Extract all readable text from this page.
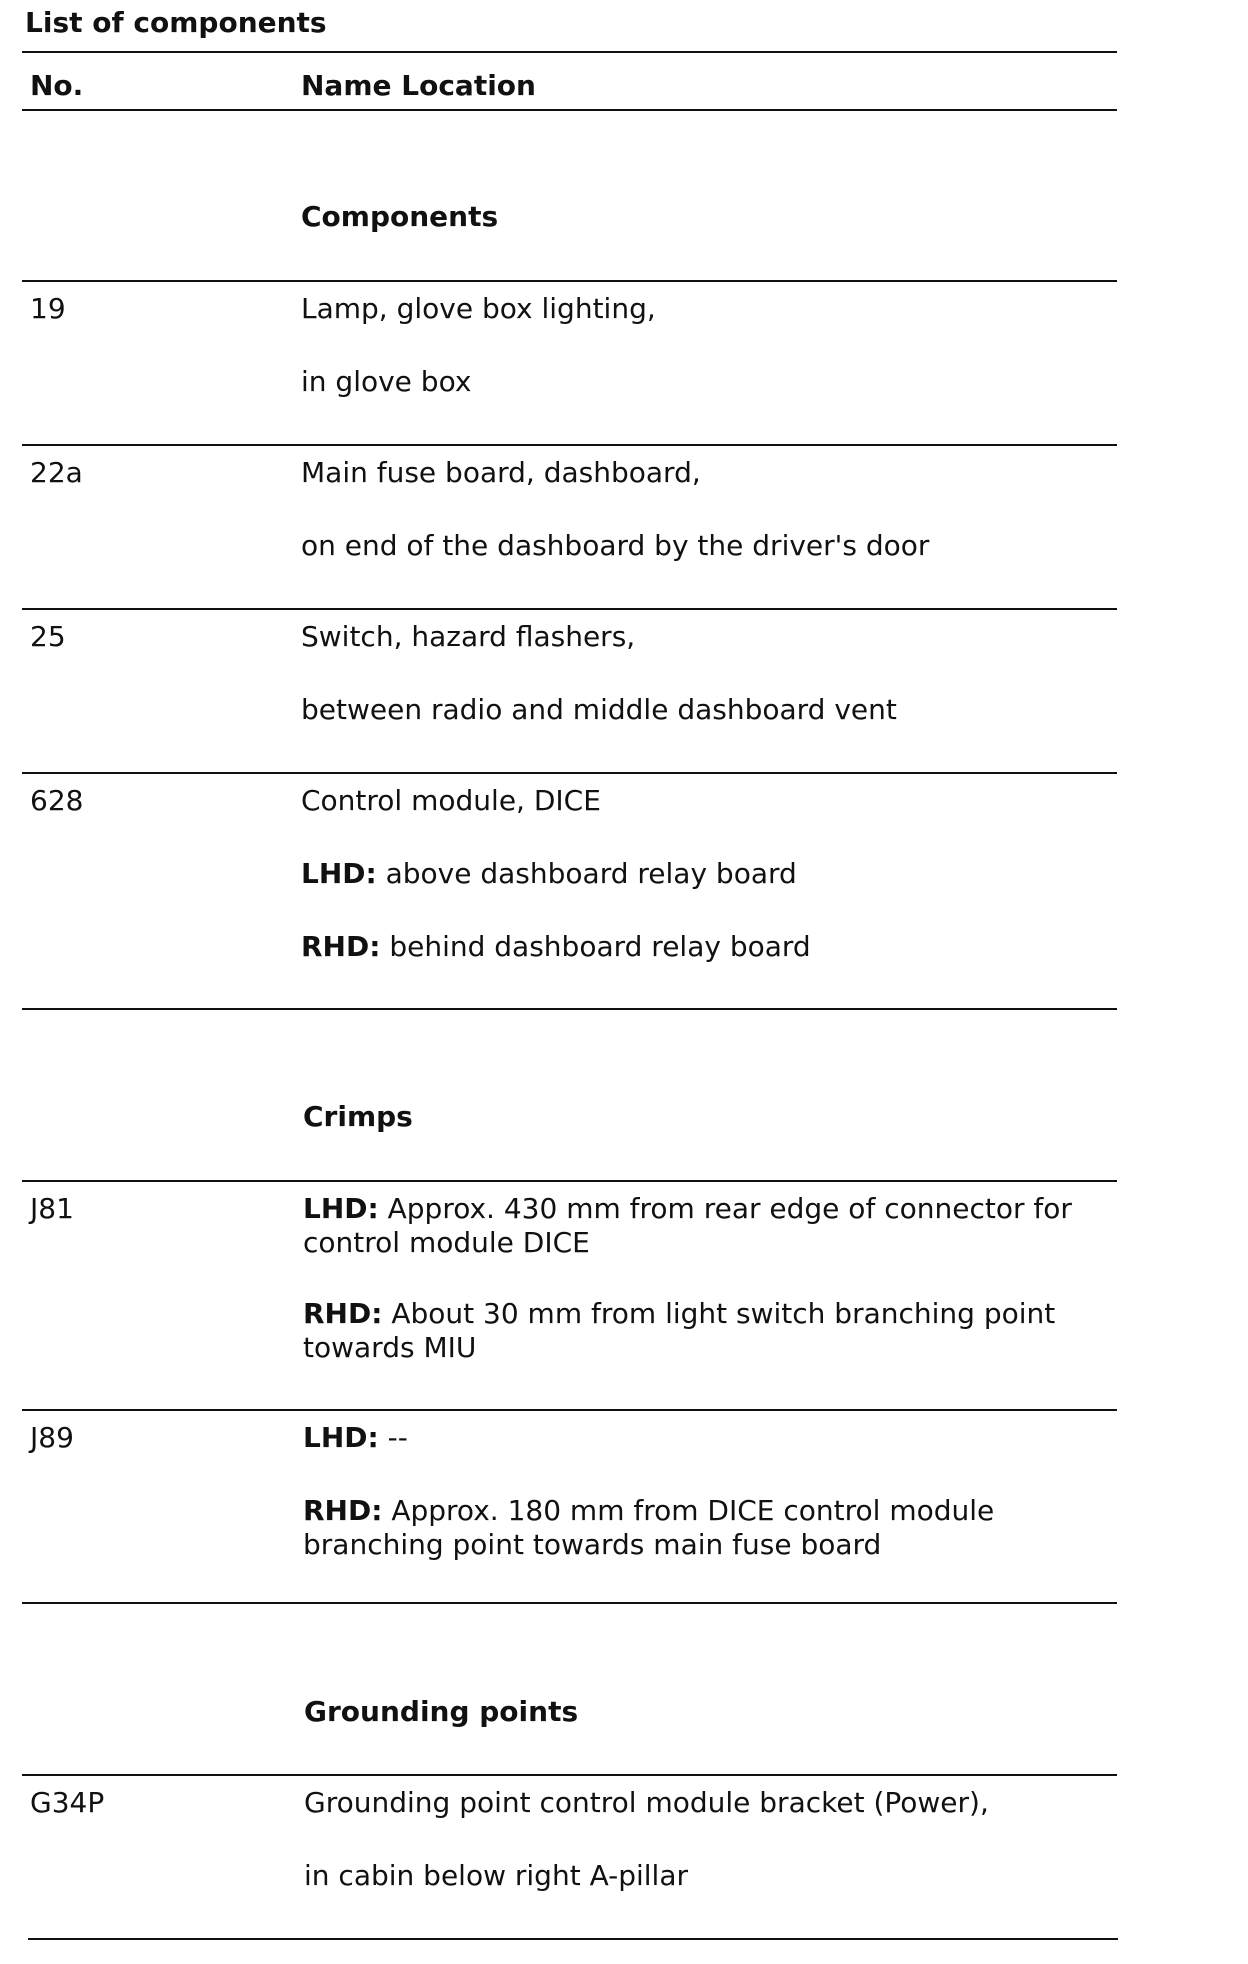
List of components
No.	Name Location
Components
19	Lamp, glove box lighting,
in glove box
22a	Main fuse board, dashboard,
on end of the dashboard by the driver's door
25	Switch, hazard flashers,
between radio and middle dashboard vent
628	Control module, DICE
LHD: above dashboard relay board
RHD: behind dashboard relay board
Crimps
J81	LHD: Approx. 430 mm from rear edge of connector for control module DICE
RHD: About 30 mm from light switch branching point towards MIU
J89	LHD: --
RHD: Approx. 180 mm from DICE control module branching point towards main fuse board
Grounding points
G34P	Grounding point control module bracket (Power),
in cabin below right A-pillar
